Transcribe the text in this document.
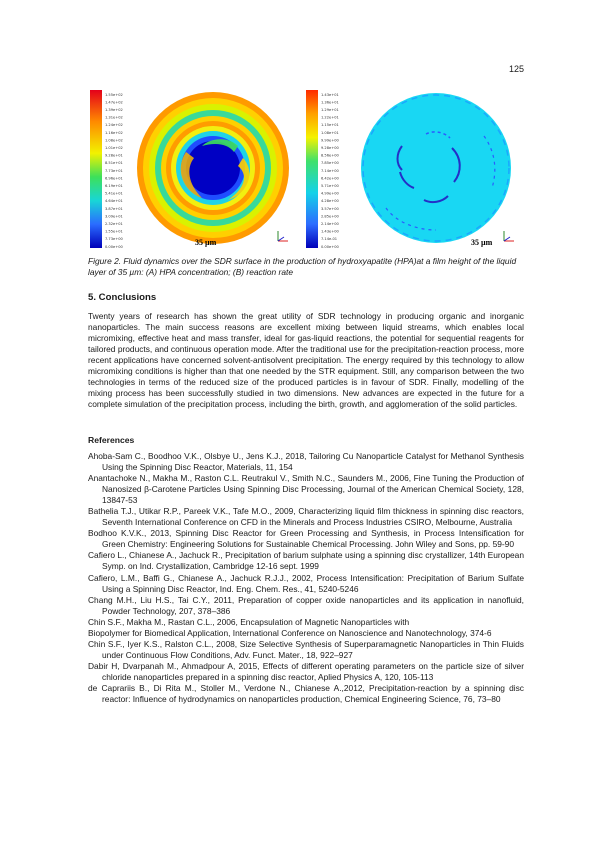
125
1.55e+02
1.47e+02
1.39e+02
1.31e+02
1.24e+02
1.16e+02
1.08e+02
1.01e+02
9.28e+01
8.51e+01
7.73e+01
6.96e+01
6.19e+01
5.41e+01
4.64e+01
3.87e+01
3.09e+01
2.32e+01
1.55e+01
7.73e+00
0.00e+00	35 µm
1.43e+01
1.36e+01
1.29e+01
1.22e+01
1.15e+01
1.08e+01
9.99e+00
9.28e+00
8.56e+00
7.85e+00
7.14e+00
6.42e+00
5.71e+00
4.99e+00
4.28e+00
3.57e+00
2.85e+00
2.14e+00
1.43e+00
7.14e-01
0.00e+00	35 µm
Figure 2. Fluid dynamics over the SDR surface in the production of hydroxyapatite (HPA)at a film height of the liquid layer of 35 µm: (A) HPA concentration; (B) reaction rate
5. Conclusions

Twenty years of research has shown the great utility of SDR technology in producing organic and inorganic nanoparticles. The main success reasons are excellent mixing between liquid streams, which enables local micromixing, effective heat and mass transfer, ideal for gas-liquid reactions, the potential for sequential reagents for tailored products, and continuous operation mode. After the traditional use for the precipitation-reaction process, more recent applications have concerned solvent-antisolvent precipitation. The energy required by this technology to allow micromixing conditions is higher than that one needed by the STR equipment. Still, any comparison between the two technologies in terms of the reduced size of the produced particles is in favour of SDR. Finally, modelling of the mixing process has been successfully studied in two dimensions. New advances are expected in the future for a complete simulation of the precipitation process, including the birth, growth, and agglomeration of the solid particles.

References
Ahoba-Sam C., Boodhoo V.K., Olsbye U., Jens K.J., 2018, Tailoring Cu Nanoparticle Catalyst for Methanol Synthesis Using the Spinning Disc Reactor, Materials, 11, 154
Anantachoke N., Makha M., Raston C.L. Reutrakul V., Smith N.C., Saunders M., 2006, Fine Tuning the Production of Nanosized β-Carotene Particles Using Spinning Disc Processing, Journal of the American Chemical Society, 128, 13847-53
Bathelia T.J., Utikar R.P., Pareek V.K., Tafe M.O., 2009, Characterizing liquid film thickness in spinning disc reactors, Seventh International Conference on CFD in the Minerals and Process Industries CSIRO, Melbourne, Australia
Bodhoo K.V.K., 2013, Spinning Disc Reactor for Green Processing and Synthesis, in Process Intensification for Green Chemistry: Engineering Solutions for Sustainable Chemical Processing. John Wiley and Sons, pp. 59-90
Cafiero L., Chianese A., Jachuck R., Precipitation of barium sulphate using a spinning disc crystallizer, 14th European Symp. on Ind. Crystallization, Cambridge 12-16 sept. 1999
Cafiero, L.M., Baffi G., Chianese A., Jachuck R.J.J., 2002, Process Intensification: Precipitation of Barium Sulfate Using a Spinning Disc Reactor, Ind. Eng. Chem. Res., 41, 5240-5246
Chang M.H., Liu H.S., Tai C.Y., 2011, Preparation of copper oxide nanoparticles and its application in nanofluid, Powder Technology, 207, 378–386
Chin S.F., Makha M., Rastan C.L., 2006, Encapsulation of Magnetic Nanoparticles with
Biopolymer for Biomedical Application, International Conference on Nanoscience and Nanotechnology, 374-6
Chin S.F., Iyer K.S., Ralston C.L., 2008, Size Selective Synthesis of Superparamagnetic Nanoparticles in Thin Fluids under Continuous Flow Conditions, Adv. Funct. Mater., 18, 922–927
Dabir H, Dvarpanah M., Ahmadpour A, 2015, Effects of different operating parameters on the particle size of silver chloride nanoparticles prepared in a spinning disc reactor, Aplied Physics A, 120, 105-113
de Caprariis B., Di Rita M., Stoller M., Verdone N., Chianese A.,2012, Precipitation-reaction by a spinning disc reactor: Influence of hydrodynamics on nanoparticles production, Chemical Engineering Science, 76, 73–80
